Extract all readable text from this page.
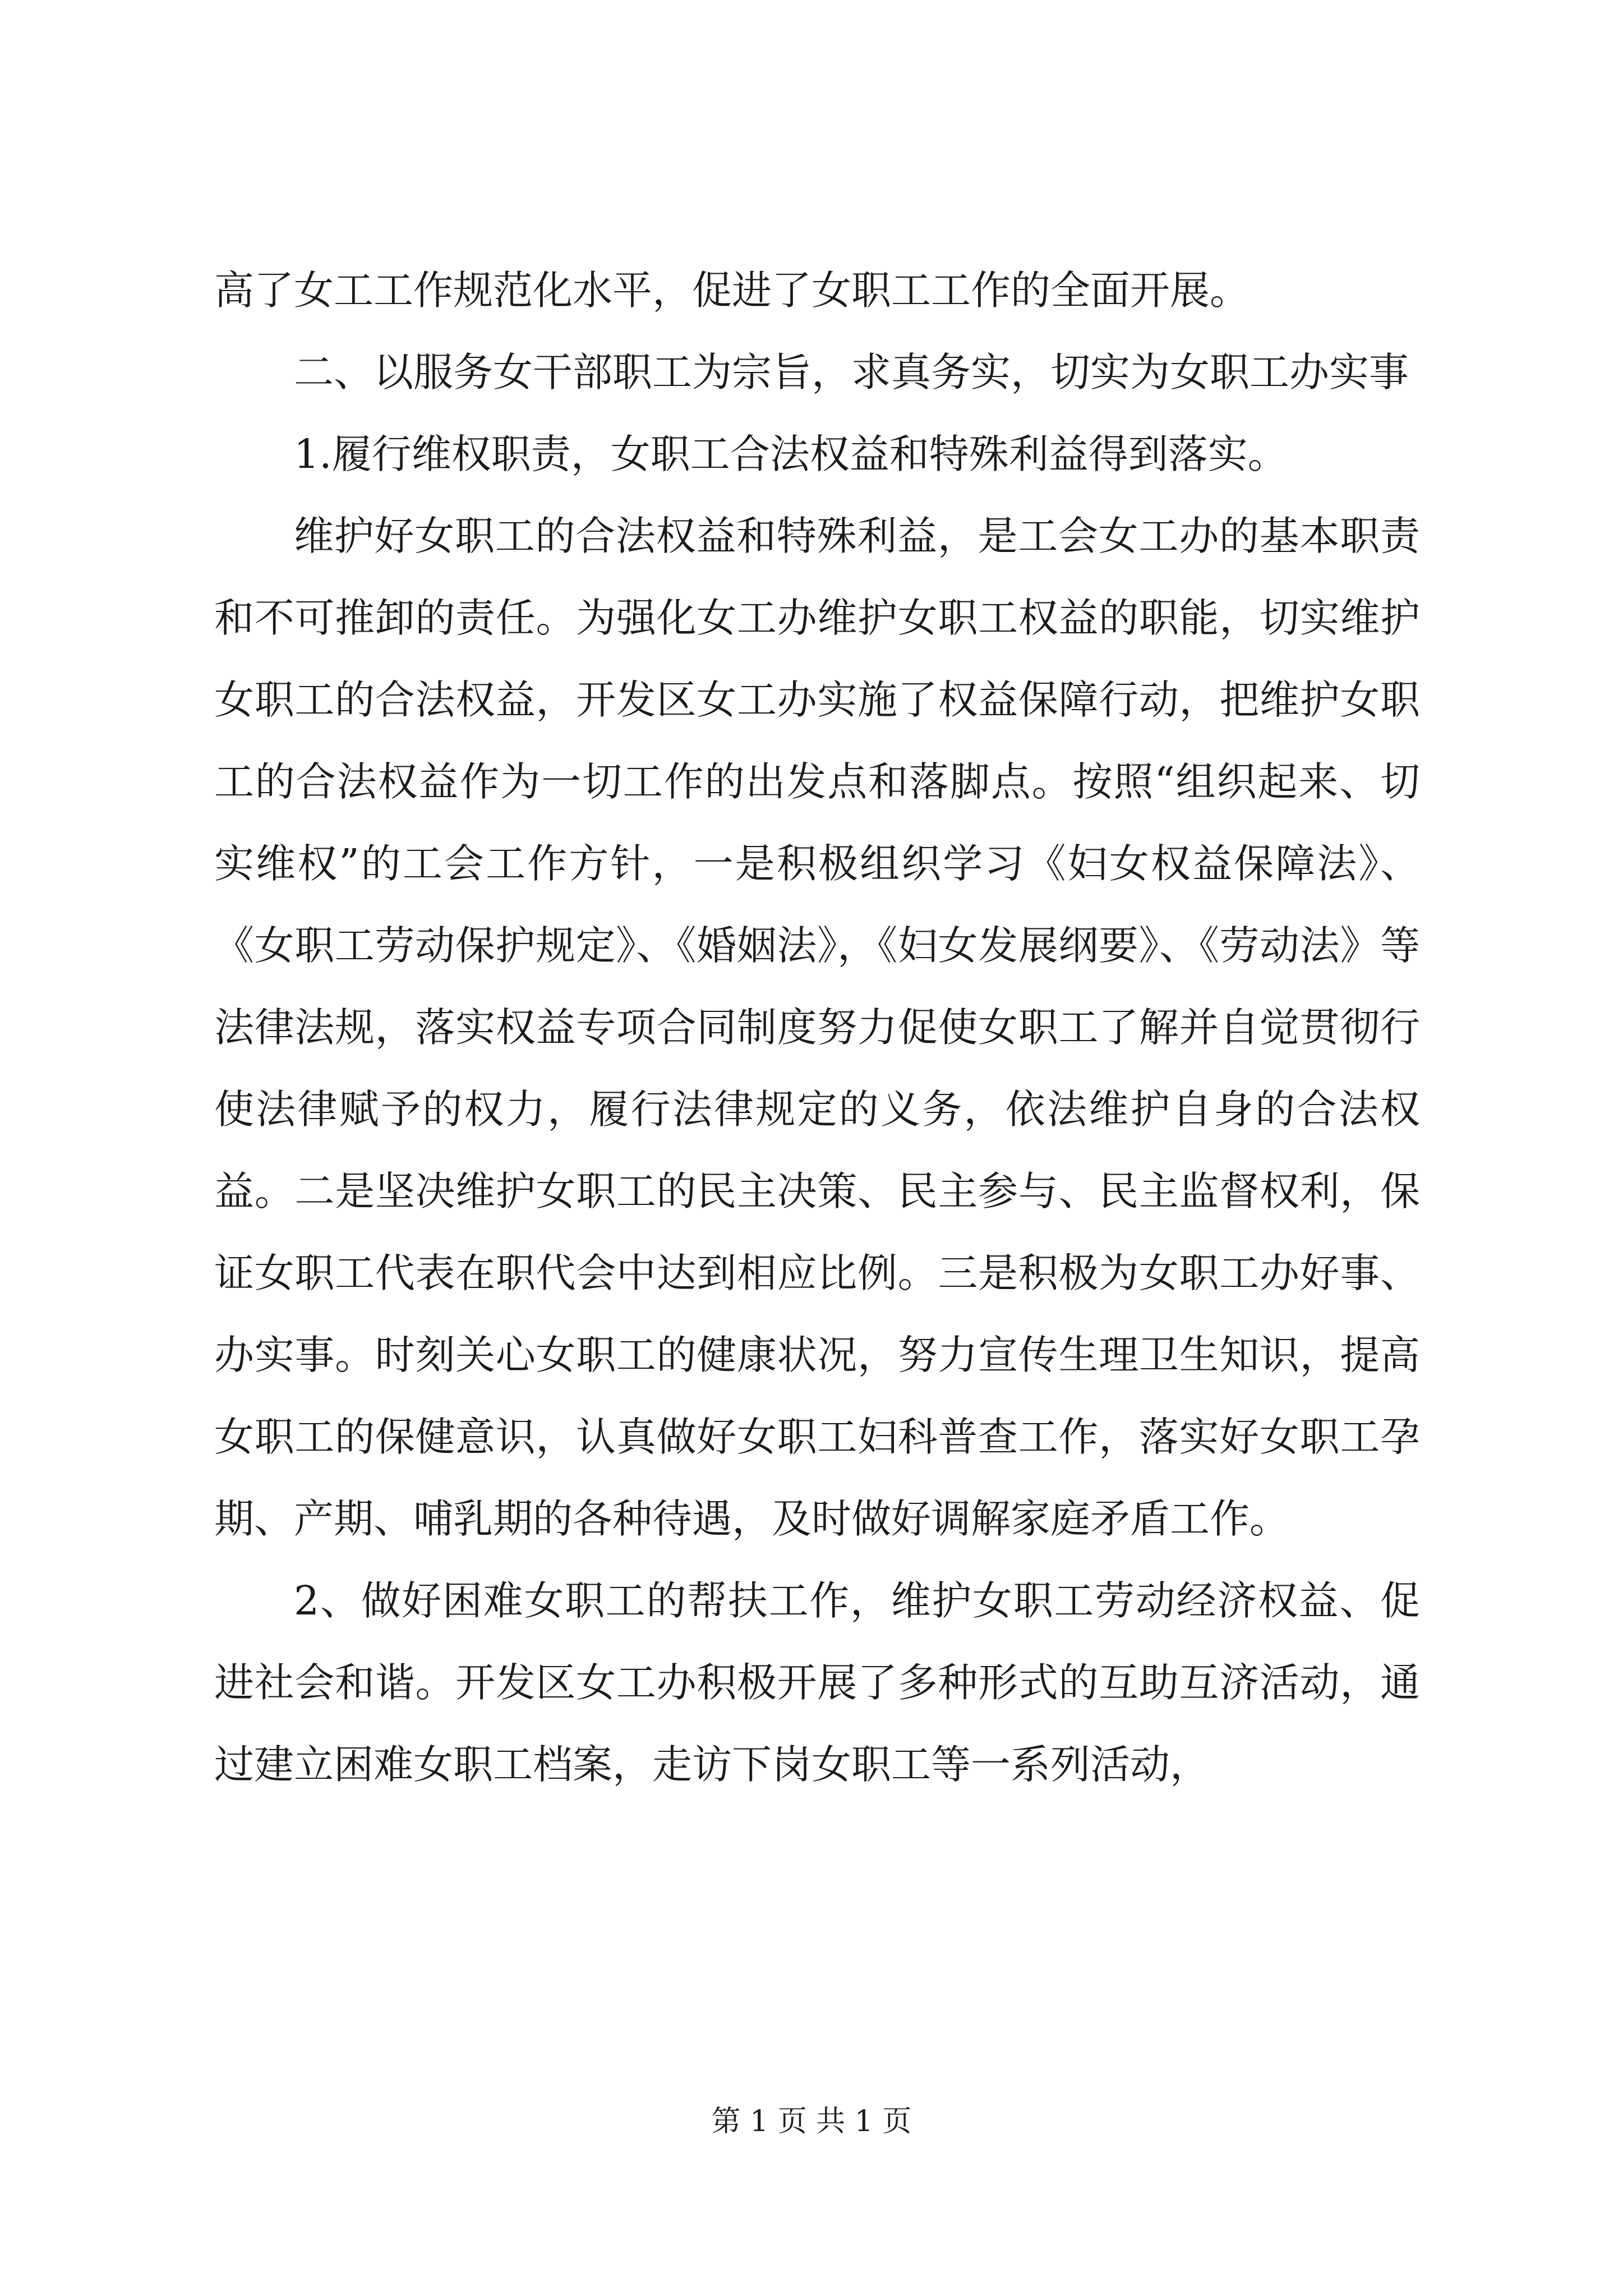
高了女工工作规范化水平，促进了女职工工作的全面开展。

二、以服务女干部职工为宗旨，求真务实，切实为女职工办实事

1.履行维权职责，女职工合法权益和特殊利益得到落实。

维护好女职工的合法权益和特殊利益，是工会女工办的基本职责和不可推卸的责任。为强化女工办维护女职工权益的职能，切实维护女职工的合法权益，开发区女工办实施了权益保障行动，把维护女职工的合法权益作为一切工作的出发点和落脚点。按照“组织起来、切实维权”的工会工作方针，一是积极组织学习《妇女权益保障法》、《女职工劳动保护规定》、《婚姻法》，《妇女发展纲要》、《劳动法》等法律法规，落实权益专项合同制度努力促使女职工了解并自觉贯彻行使法律赋予的权力，履行法律规定的义务，依法维护自身的合法权益。二是坚决维护女职工的民主决策、民主参与、民主监督权利，保证女职工代表在职代会中达到相应比例。三是积极为女职工办好事、办实事。时刻关心女职工的健康状况，努力宣传生理卫生知识，提高女职工的保健意识，认真做好女职工妇科普查工作，落实好女职工孕期、产期、哺乳期的各种待遇，及时做好调解家庭矛盾工作。

2、做好困难女职工的帮扶工作，维护女职工劳动经济权益、促进社会和谐。开发区女工办积极开展了多种形式的互助互济活动，通过建立困难女职工档案，走访下岗女职工等一系列活动，

第 1 页 共 1 页
